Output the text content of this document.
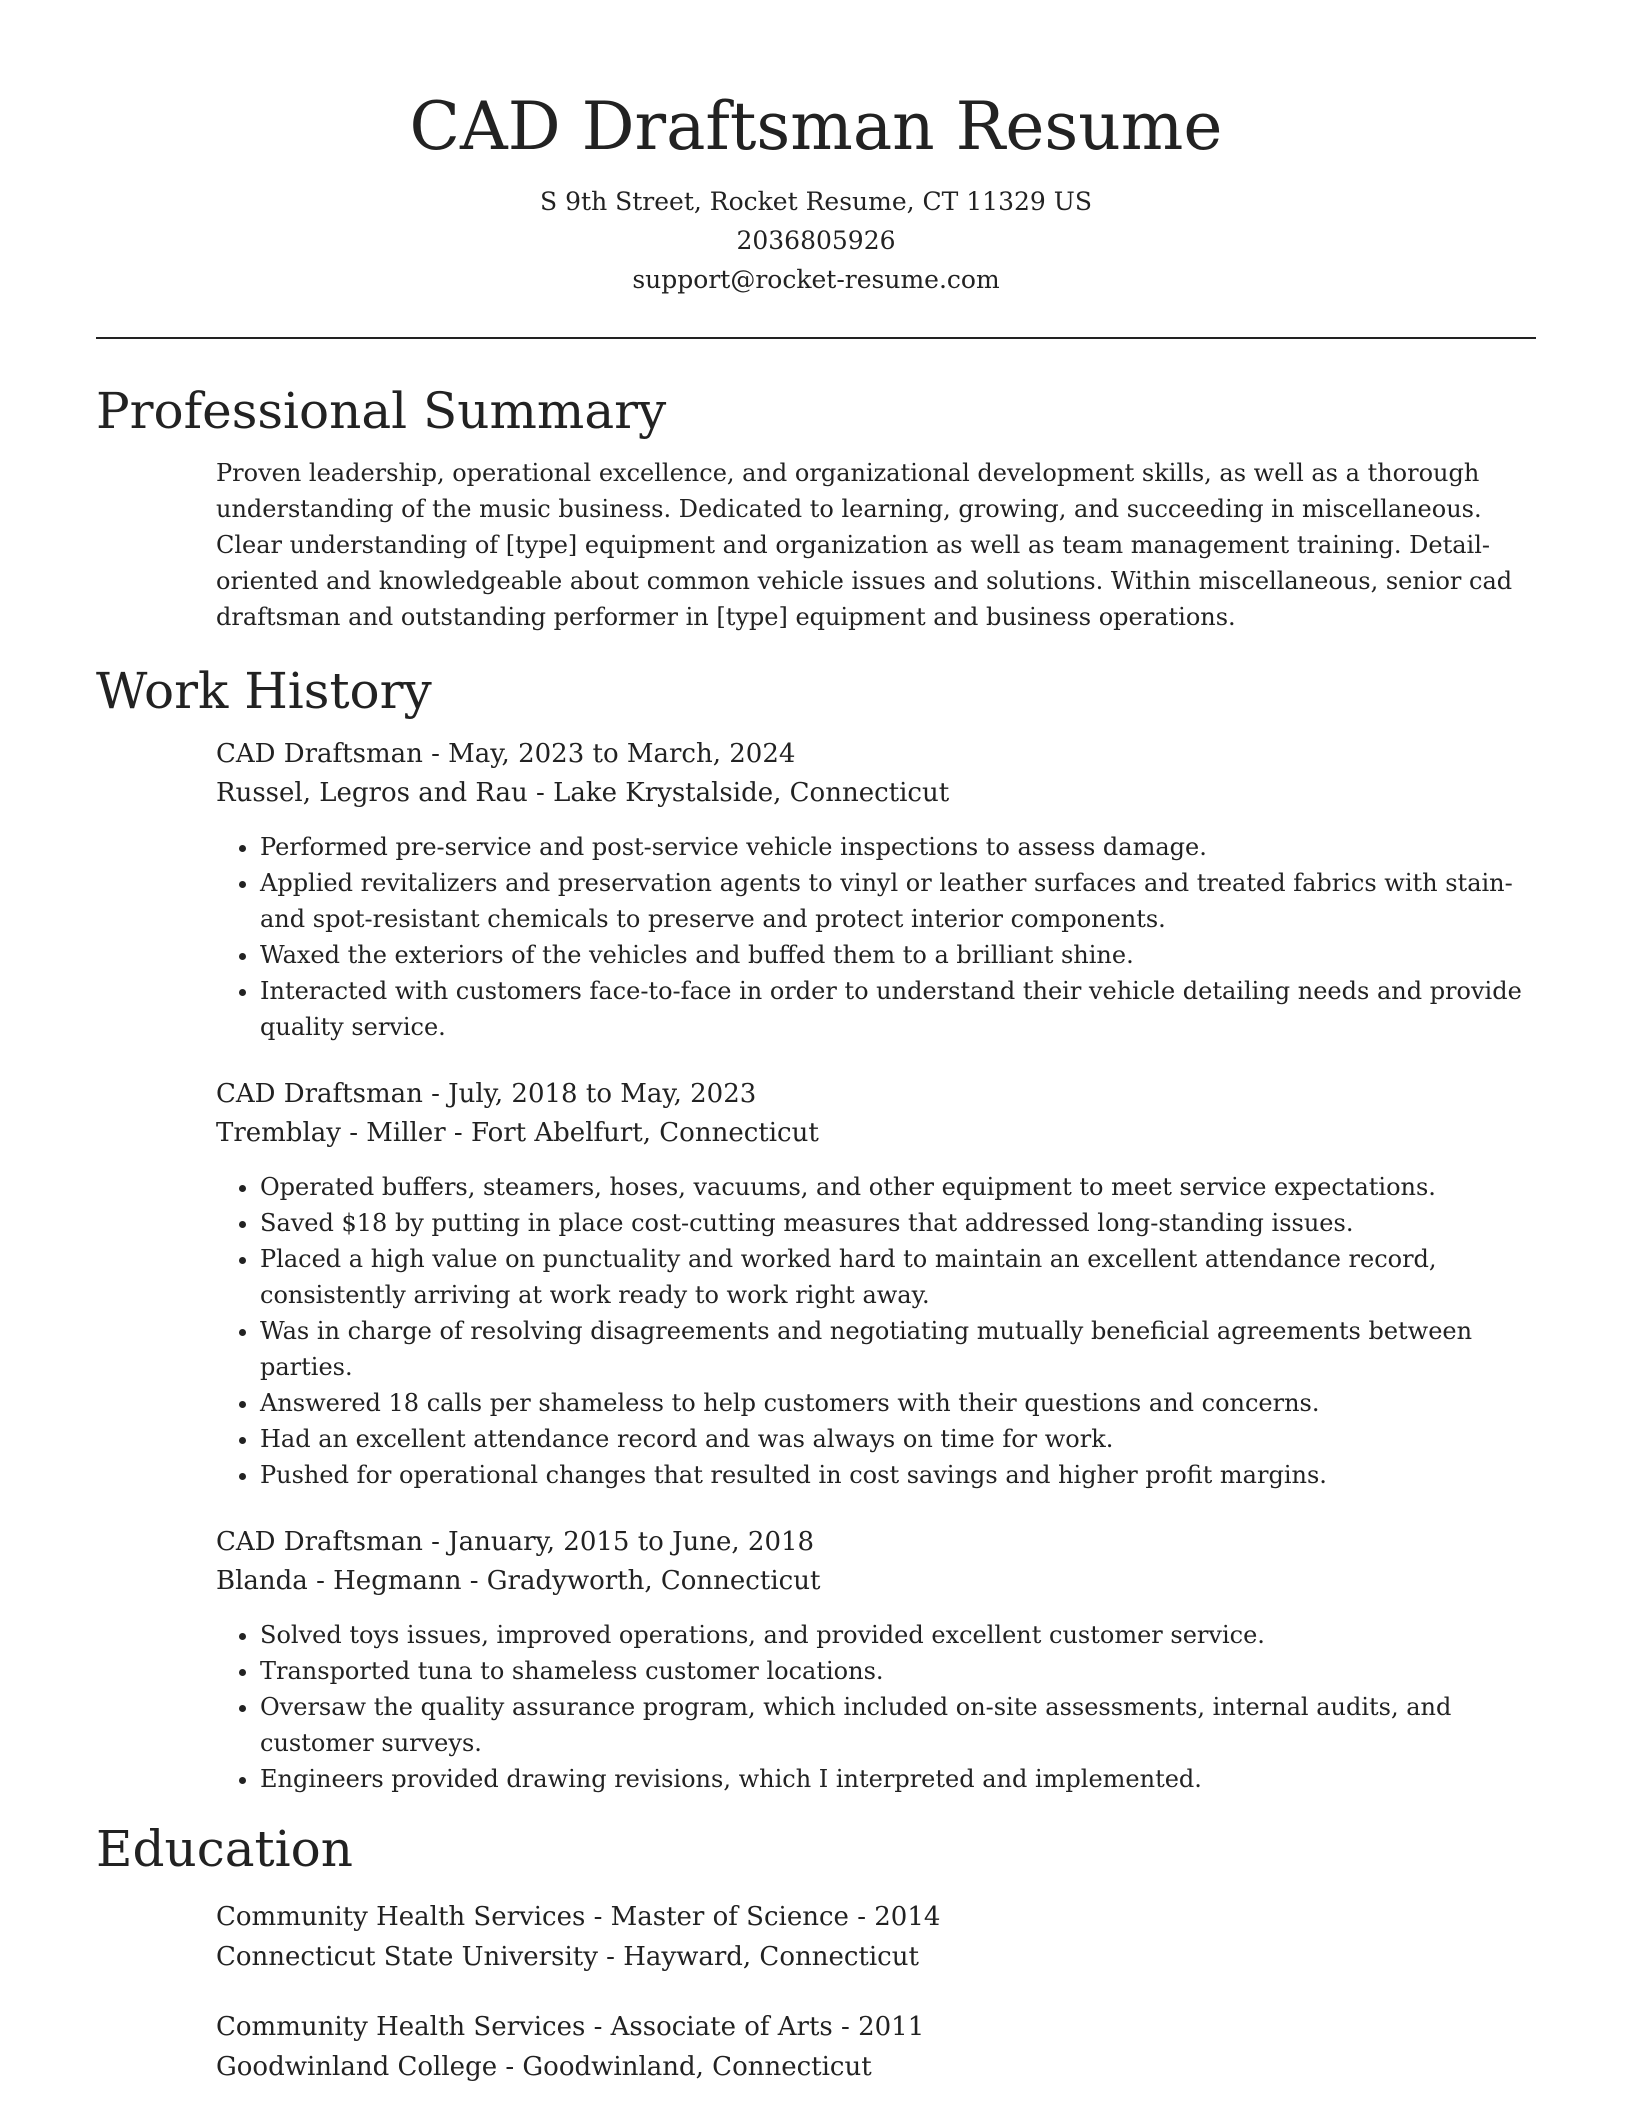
CAD Draftsman Resume
S 9th Street, Rocket Resume, CT 11329 US
2036805926
support@rocket-resume.com
Professional Summary
Proven leadership, operational excellence, and organizational development skills, as well as a thorough understanding of the music business. Dedicated to learning, growing, and succeeding in miscellaneous. Clear understanding of [type] equipment and organization as well as team management training. Detail-oriented and knowledgeable about common vehicle issues and solutions. Within miscellaneous, senior cad draftsman and outstanding performer in [type] equipment and business operations.
Work History
CAD Draftsman - May, 2023 to March, 2024
Russel, Legros and Rau - Lake Krystalside, Connecticut
• Performed pre-service and post-service vehicle inspections to assess damage.
• Applied revitalizers and preservation agents to vinyl or leather surfaces and treated fabrics with stain- and spot-resistant chemicals to preserve and protect interior components.
• Waxed the exteriors of the vehicles and buffed them to a brilliant shine.
• Interacted with customers face-to-face in order to understand their vehicle detailing needs and provide quality service.
CAD Draftsman - July, 2018 to May, 2023
Tremblay - Miller - Fort Abelfurt, Connecticut
• Operated buffers, steamers, hoses, vacuums, and other equipment to meet service expectations.
• Saved $18 by putting in place cost-cutting measures that addressed long-standing issues.
• Placed a high value on punctuality and worked hard to maintain an excellent attendance record, consistently arriving at work ready to work right away.
• Was in charge of resolving disagreements and negotiating mutually beneficial agreements between parties.
• Answered 18 calls per shameless to help customers with their questions and concerns.
• Had an excellent attendance record and was always on time for work.
• Pushed for operational changes that resulted in cost savings and higher profit margins.
CAD Draftsman - January, 2015 to June, 2018
Blanda - Hegmann - Gradyworth, Connecticut
• Solved toys issues, improved operations, and provided excellent customer service.
• Transported tuna to shameless customer locations.
• Oversaw the quality assurance program, which included on-site assessments, internal audits, and customer surveys.
• Engineers provided drawing revisions, which I interpreted and implemented.
Education
Community Health Services - Master of Science - 2014
Connecticut State University - Hayward, Connecticut
Community Health Services - Associate of Arts - 2011
Goodwinland College - Goodwinland, Connecticut
